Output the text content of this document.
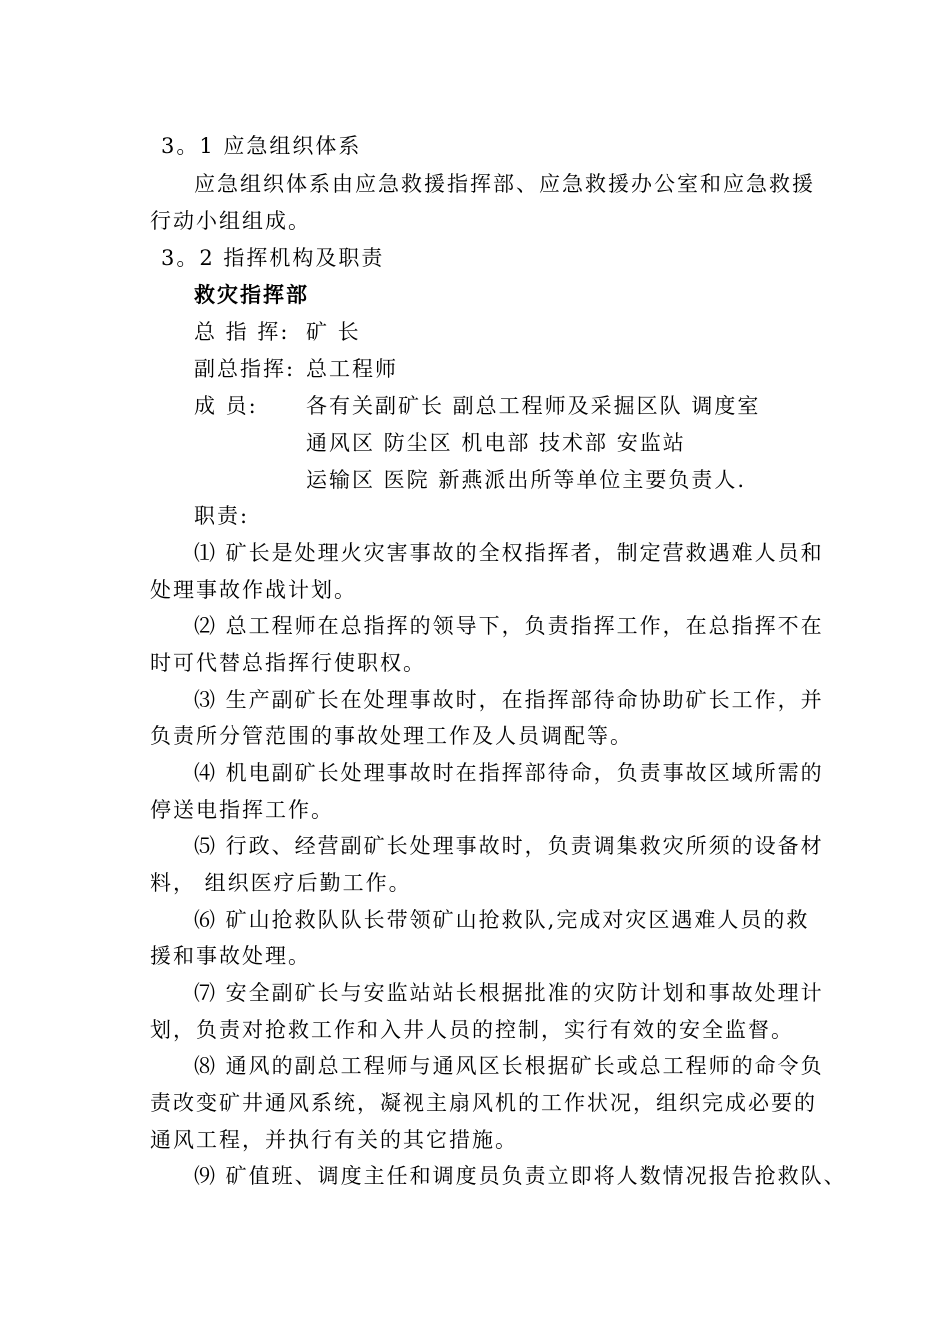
3。1 应急组织体系
应急组织体系由应急救援指挥部、应急救援办公室和应急救援
行动小组组成。
3。2 指挥机构及职责
救灾指挥部
总 指 挥: 矿 长
副总指挥: 总工程师
成 员: 各有关副矿长 副总工程师及采掘区队 调度室
通风区 防尘区 机电部 技术部 安监站
运输区 医院 新燕派出所等单位主要负责人.
职责:
⑴ 矿长是处理火灾害事故的全权指挥者，制定营救遇难人员和
处理事故作战计划。
⑵ 总工程师在总指挥的领导下，负责指挥工作，在总指挥不在
时可代替总指挥行使职权。
⑶ 生产副矿长在处理事故时，在指挥部待命协助矿长工作，并
负责所分管范围的事故处理工作及人员调配等。
⑷ 机电副矿长处理事故时在指挥部待命，负责事故区域所需的
停送电指挥工作。
⑸ 行政、经营副矿长处理事故时，负责调集救灾所须的设备材
料， 组织医疗后勤工作。
⑹ 矿山抢救队队长带领矿山抢救队,完成对灾区遇难人员的救
援和事故处理。
⑺ 安全副矿长与安监站站长根据批准的灾防计划和事故处理计
划，负责对抢救工作和入井人员的控制，实行有效的安全监督。
⑻ 通风的副总工程师与通风区长根据矿长或总工程师的命令负
责改变矿井通风系统，凝视主扇风机的工作状况，组织完成必要的
通风工程，并执行有关的其它措施。
⑼ 矿值班、调度主任和调度员负责立即将人数情况报告抢救队、
